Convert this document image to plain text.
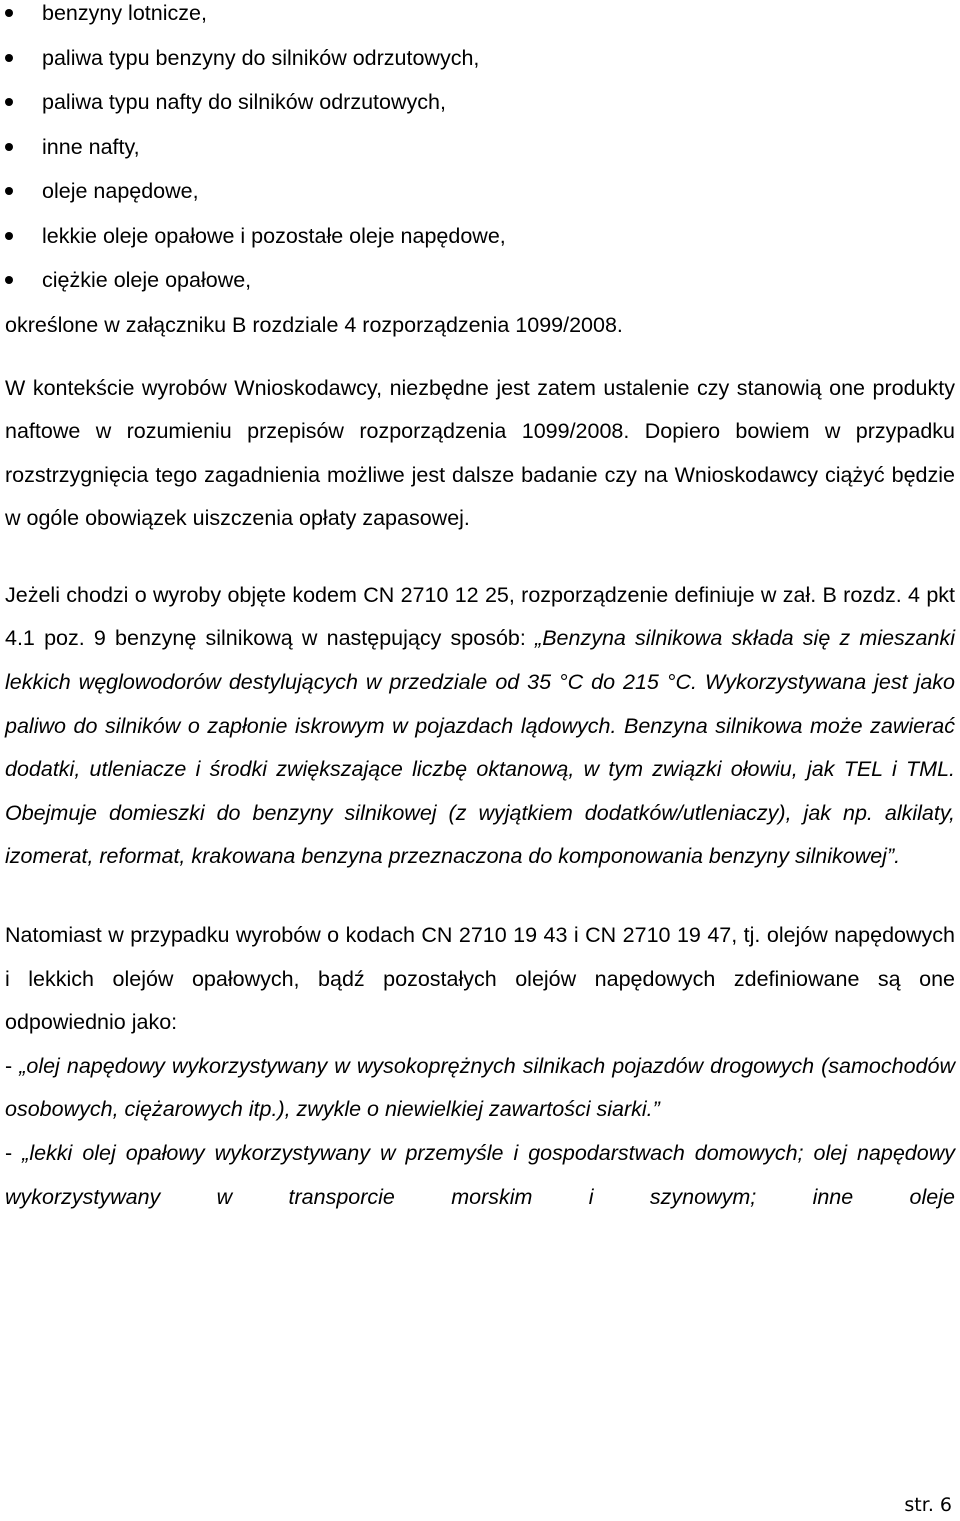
benzyny lotnicze,
paliwa typu benzyny do silników odrzutowych,
paliwa typu nafty do silników odrzutowych,
inne nafty,
oleje napędowe,
lekkie oleje opałowe i pozostałe oleje napędowe,
ciężkie oleje opałowe,
określone w załączniku B rozdziale 4 rozporządzenia 1099/2008.

W kontekście wyrobów Wnioskodawcy, niezbędne jest zatem ustalenie czy stanowią one produkty naftowe w rozumieniu przepisów rozporządzenia 1099/2008. Dopiero bowiem w przypadku rozstrzygnięcia tego zagadnienia możliwe jest dalsze badanie czy na Wnioskodawcy ciążyć będzie w ogóle obowiązek uiszczenia opłaty zapasowej.

Jeżeli chodzi o wyroby objęte kodem CN 2710 12 25, rozporządzenie definiuje w zał. B rozdz. 4 pkt 4.1 poz. 9 benzynę silnikową w następujący sposób: „Benzyna silnikowa składa się z mieszanki lekkich węglowodorów destylujących w przedziale od 35 °C do 215 °C. Wykorzystywana jest jako paliwo do silników o zapłonie iskrowym w pojazdach lądowych. Benzyna silnikowa może zawierać dodatki, utleniacze i środki zwiększające liczbę oktanową, w tym związki ołowiu, jak TEL i TML. Obejmuje domieszki do benzyny silnikowej (z wyjątkiem dodatków/utleniaczy), jak np. alkilaty, izomerat, reformat, krakowana benzyna przeznaczona do komponowania benzyny silnikowej”.

Natomiast w przypadku wyrobów o kodach CN 2710 19 43 i CN 2710 19 47, tj. olejów napędowych i lekkich olejów opałowych, bądź pozostałych olejów napędowych zdefiniowane są one odpowiednio jako:

- „olej napędowy wykorzystywany w wysokoprężnych silnikach pojazdów drogowych (samochodów osobowych, ciężarowych itp.), zwykle o niewielkiej zawartości siarki.”

- „lekki olej opałowy wykorzystywany w przemyśle i gospodarstwach domowych; olej napędowy wykorzystywany w transporcie morskim i szynowym; inne oleje

str. 6
